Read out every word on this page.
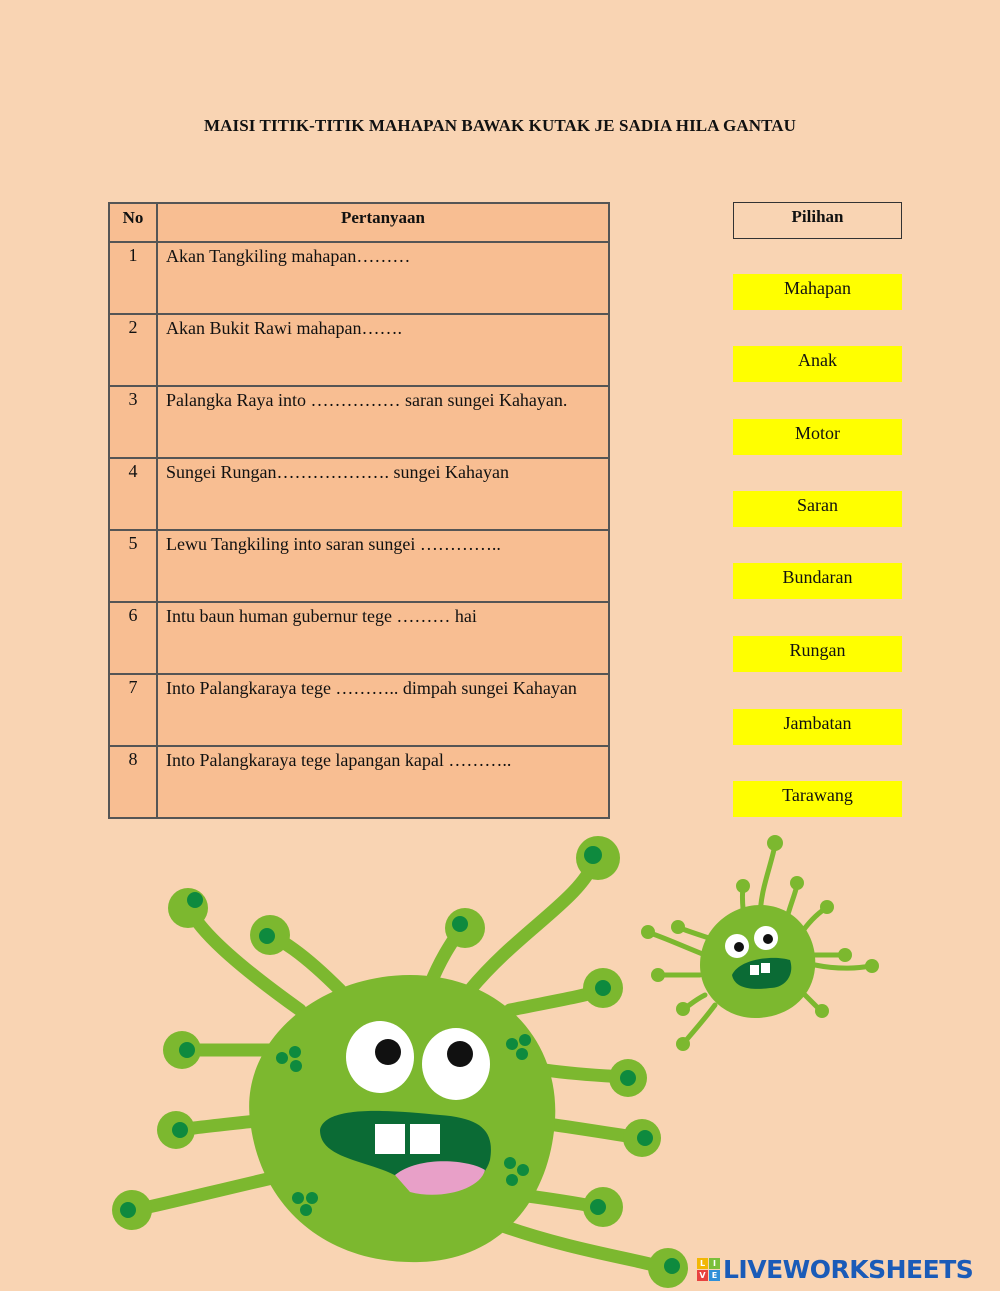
MAISI TITIK-TITIK MAHAPAN BAWAK KUTAK JE SADIA HILA GANTAU
No	Pertanyaan
1	Akan Tangkiling mahapan………
2	Akan Bukit Rawi mahapan…….
3	Palangka Raya into …………… saran sungei Kahayan.
4	Sungei Rungan………………. sungei Kahayan
5	Lewu Tangkiling into saran sungei …………..
6	Intu baun human gubernur tege ……… hai
7	Into Palangkaraya tege ……….. dimpah sungei Kahayan
8	Into Palangkaraya tege lapangan kapal ………..
Pilihan
Mahapan
Anak
Motor
Saran
Bundaran
Rungan
Jambatan
Tarawang
L I
V E LIVEWORKSHEETS
